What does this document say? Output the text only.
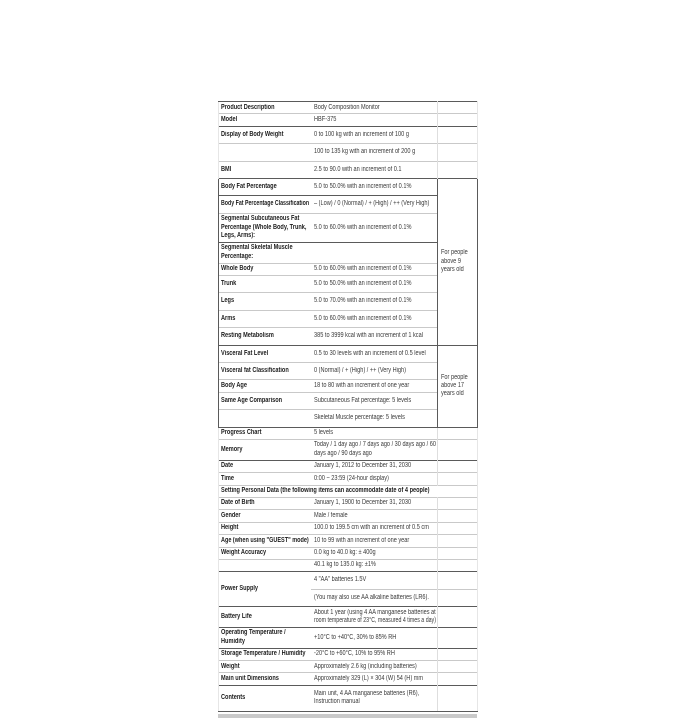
Product Description	Body Composition Monitor	

Model	HBF-375	

Display of Body Weight	0 to 100 kg with an increment of 100 g	

	100 to 135 kg with an increment of 200 g	

BMI	2.5 to 90.0 with an increment of 0.1	

Body Fat Percentage	5.0 to 50.0% with an increment of 0.1%	For people
above 9
years old

Body Fat Percentage Classification	– (Low) / 0 (Normal) / + (High) / ++ (Very High)	

Segmental Subcutaneous Fat
Percentage (Whole Body, Trunk,
Legs, Arms):	5.0 to 60.0% with an increment of 0.1%	

Segmental Skeletal Muscle
Percentage:		

Whole Body	5.0 to 60.0% with an increment of 0.1%	

Trunk	5.0 to 50.0% with an increment of 0.1%	

Legs	5.0 to 70.0% with an increment of 0.1%	

Arms	5.0 to 60.0% with an increment of 0.1%	

Resting Metabolism	385 to 3999 kcal with an increment of 1 kcal	

Visceral Fat Level	0.5 to 30 levels with an increment of 0.5 level	For people
above 17
years old

Visceral fat Classification	0 (Normal) / + (High) / ++ (Very High)	

Body Age	18 to 80 with an increment of one year	

Same Age Comparison	Subcutaneous Fat percentage: 5 levels	

	Skeletal Muscle percentage: 5 levels	

Progress Chart	5 levels	

Memory	Today / 1 day ago / 7 days ago / 30 days ago / 60
days ago / 90 days ago	

Date	January 1, 2012 to December 31, 2030	

Time	0:00 ~ 23:59 (24-hour display)	

Setting Personal Data (the following items can accommodate date of 4 people)		

Date of Birth	January 1, 1900 to December 31, 2030	

Gender	Male / female	

Height	100.0 to 199.5 cm with an increment of 0.5 cm	

Age (when using "GUEST" mode)	10 to 99 with an increment of one year	

Weight Accuracy	0.0 kg to 40.0 kg: ± 400g	

	40.1 kg to 135.0 kg: ±1%	

Power Supply	4 "AA" batteries 1.5V	

	(You may also use AA alkaline batteries (LR6).	

Battery Life	About 1 year (using 4 AA manganese batteries at
room temperature of 23°C, measured 4 times a day)	

Operating Temperature /
Humidity	+10°C to +40°C, 30% to 85% RH	

Storage Temperature / Humidity	-20°C to +60°C, 10% to 95% RH	

Weight	Approximately 2.6 kg (including batteries)	

Main unit Dimensions	Approximately 329 (L) × 304 (W) 54 (H) mm	

Contents	Main unit, 4 AA manganese batteries (R6),
Instruction manual	
